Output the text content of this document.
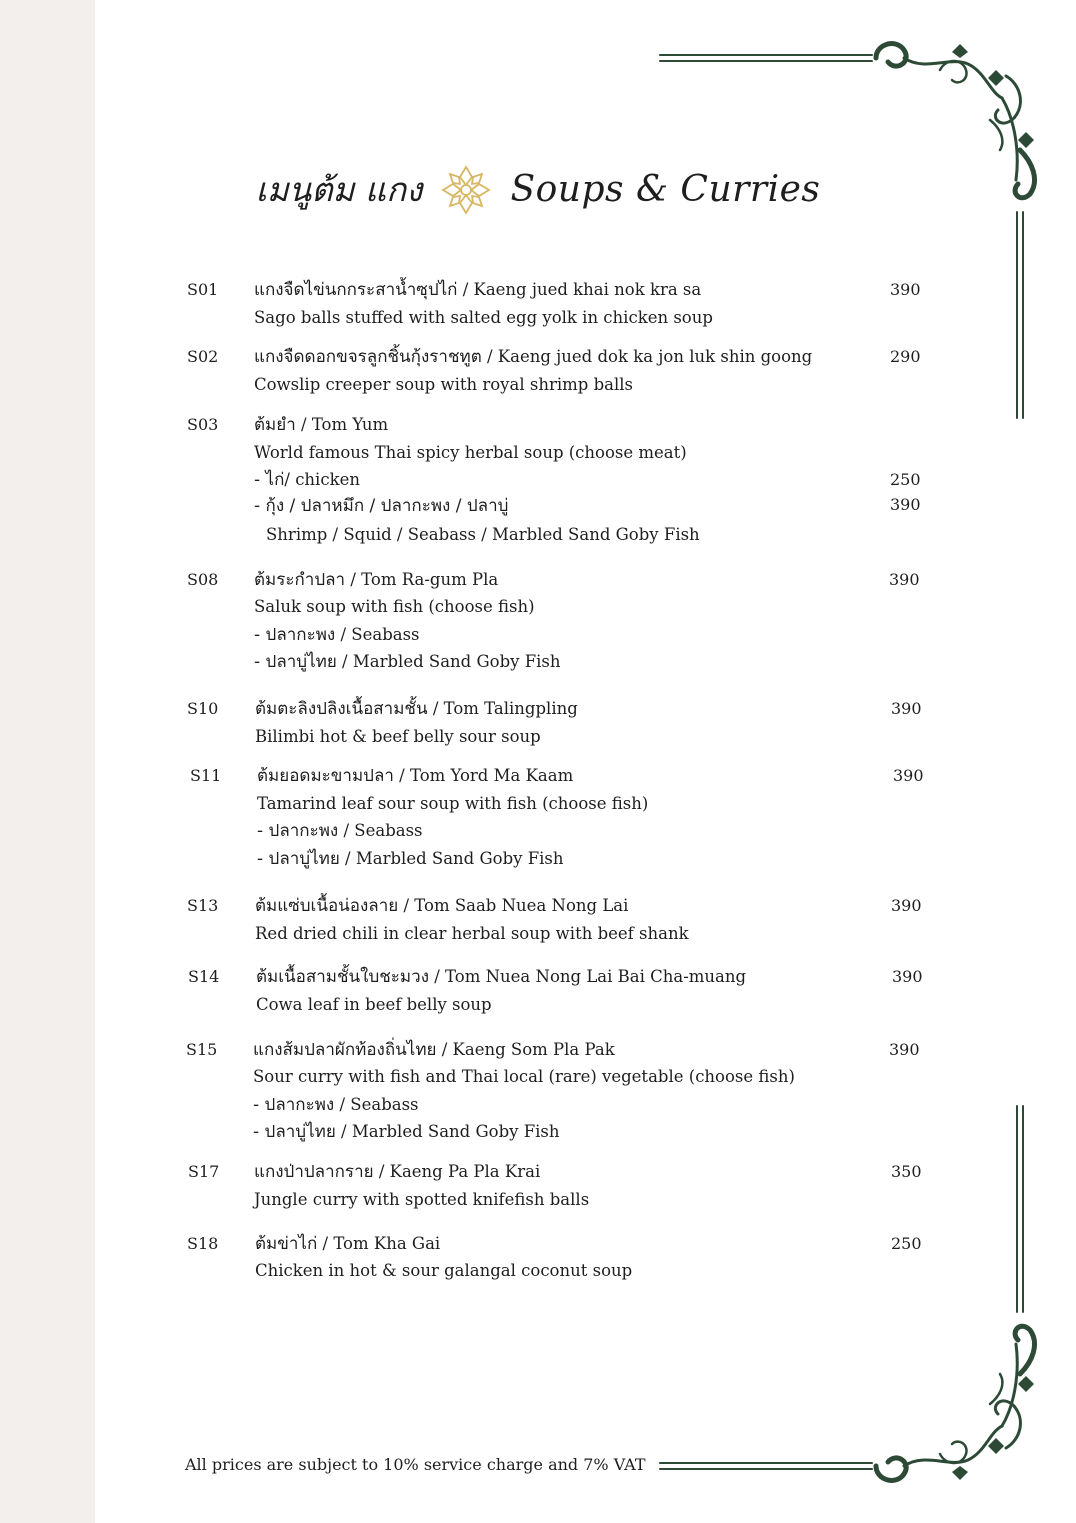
เมนูต้ม แกง Soups & Curries
S01 แกงจืดไข่นกกระสาน้ำซุปไก่ / Kaeng jued khai nok kra sa	390
Sago balls stuffed with salted egg yolk in chicken soup
S02 แกงจืดดอกขจรลูกชิ้นกุ้งราชทูต / Kaeng jued dok ka jon luk shin goong	290
Cowslip creeper soup with royal shrimp balls
S03 ต้มยำ / Tom Yum
World famous Thai spicy herbal soup (choose meat)
- ไก่/ chicken	250
- กุ้ง / ปลาหมึก / ปลากะพง / ปลาบู่	390
Shrimp / Squid / Seabass / Marbled Sand Goby Fish
S08 ต้มระกำปลา / Tom Ra-gum Pla	390
Saluk soup with fish (choose fish)
- ปลากะพง / Seabass
- ปลาบู่ไทย / Marbled Sand Goby Fish
S10 ต้มตะลิงปลิงเนื้อสามชั้น / Tom Talingpling	390
Bilimbi hot & beef belly sour soup
S11 ต้มยอดมะขามปลา / Tom Yord Ma Kaam	390
Tamarind leaf sour soup with fish (choose fish)
- ปลากะพง / Seabass
- ปลาบู่ไทย / Marbled Sand Goby Fish
S13 ต้มแซ่บเนื้อน่องลาย / Tom Saab Nuea Nong Lai	390
Red dried chili in clear herbal soup with beef shank
S14 ต้มเนื้อสามชั้นใบชะมวง / Tom Nuea Nong Lai Bai Cha-muang	390
Cowa leaf in beef belly soup
S15 แกงส้มปลาผักท้องถิ่นไทย / Kaeng Som Pla Pak	390
Sour curry with fish and Thai local (rare) vegetable (choose fish)
- ปลากะพง / Seabass
- ปลาบู่ไทย / Marbled Sand Goby Fish
S17 แกงป่าปลากราย / Kaeng Pa Pla Krai	350
Jungle curry with spotted knifefish balls
S18 ต้มข่าไก่ / Tom Kha Gai	250
Chicken in hot & sour galangal coconut soup
All prices are subject to 10% service charge and 7% VAT
